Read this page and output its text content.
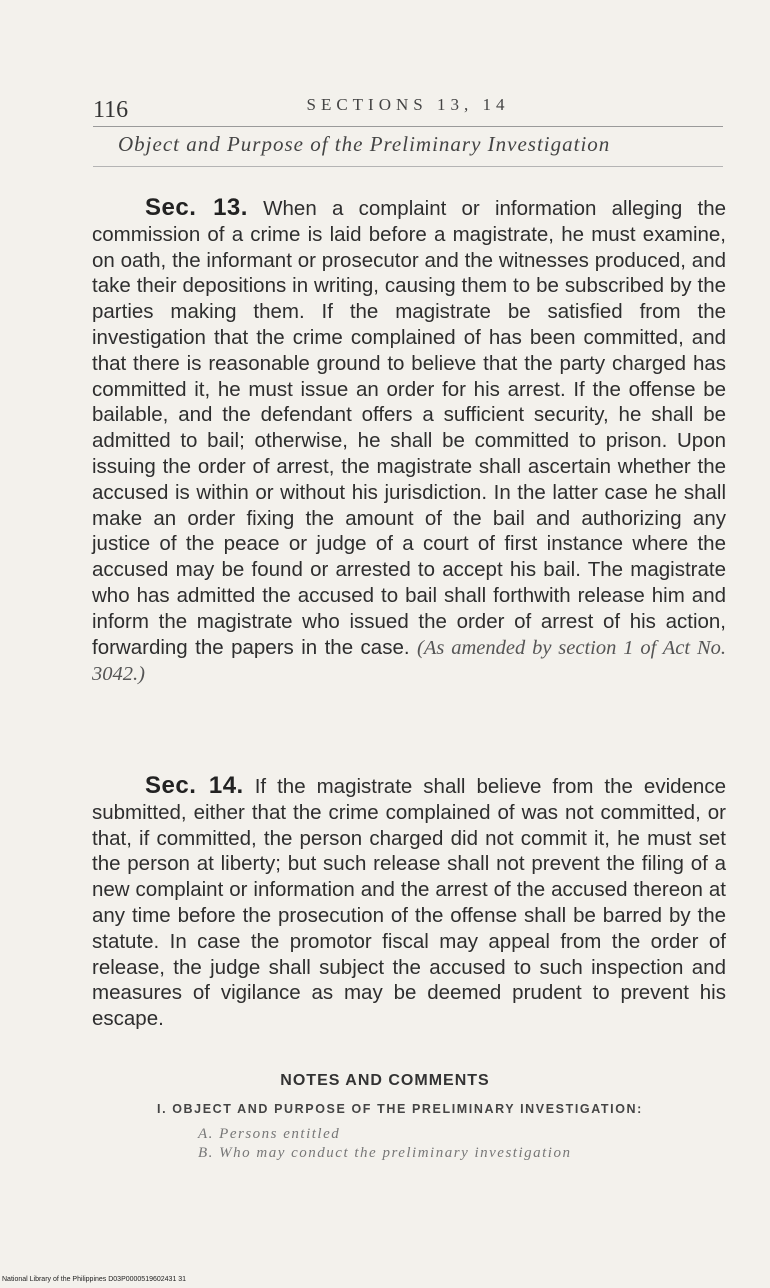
116	SECTIONS 13, 14
Object and Purpose of the Preliminary Investigation

Sec. 13. When a complaint or information alleging the commission of a crime is laid before a magistrate, he must examine, on oath, the informant or prosecutor and the witnesses produced, and take their depositions in writing, causing them to be subscribed by the parties making them. If the magistrate be satisfied from the investigation that the crime complained of has been committed, and that there is reasonable ground to believe that the party charged has committed it, he must issue an order for his arrest. If the offense be bailable, and the defendant offers a sufficient security, he shall be admitted to bail; otherwise, he shall be committed to prison. Upon issuing the order of arrest, the magistrate shall ascertain whether the accused is within or without his jurisdiction. In the latter case he shall make an order fixing the amount of the bail and authorizing any justice of the peace or judge of a court of first instance where the accused may be found or arrested to accept his bail. The magistrate who has admitted the accused to bail shall forthwith release him and inform the magistrate who issued the order of arrest of his action, forwarding the papers in the case. (As amended by section 1 of Act No. 3042.)

Sec. 14. If the magistrate shall believe from the evidence submitted, either that the crime complained of was not committed, or that, if committed, the person charged did not commit it, he must set the person at liberty; but such release shall not prevent the filing of a new complaint or information and the arrest of the accused thereon at any time before the prosecution of the offense shall be barred by the statute. In case the promotor fiscal may appeal from the order of release, the judge shall subject the accused to such inspection and measures of vigilance as may be deemed prudent to prevent his escape.

NOTES AND COMMENTS
I. OBJECT AND PURPOSE OF THE PRELIMINARY INVESTIGATION:
A. Persons entitled
B. Who may conduct the preliminary investigation
National Library of the Philippines D03P0000519602431 31
